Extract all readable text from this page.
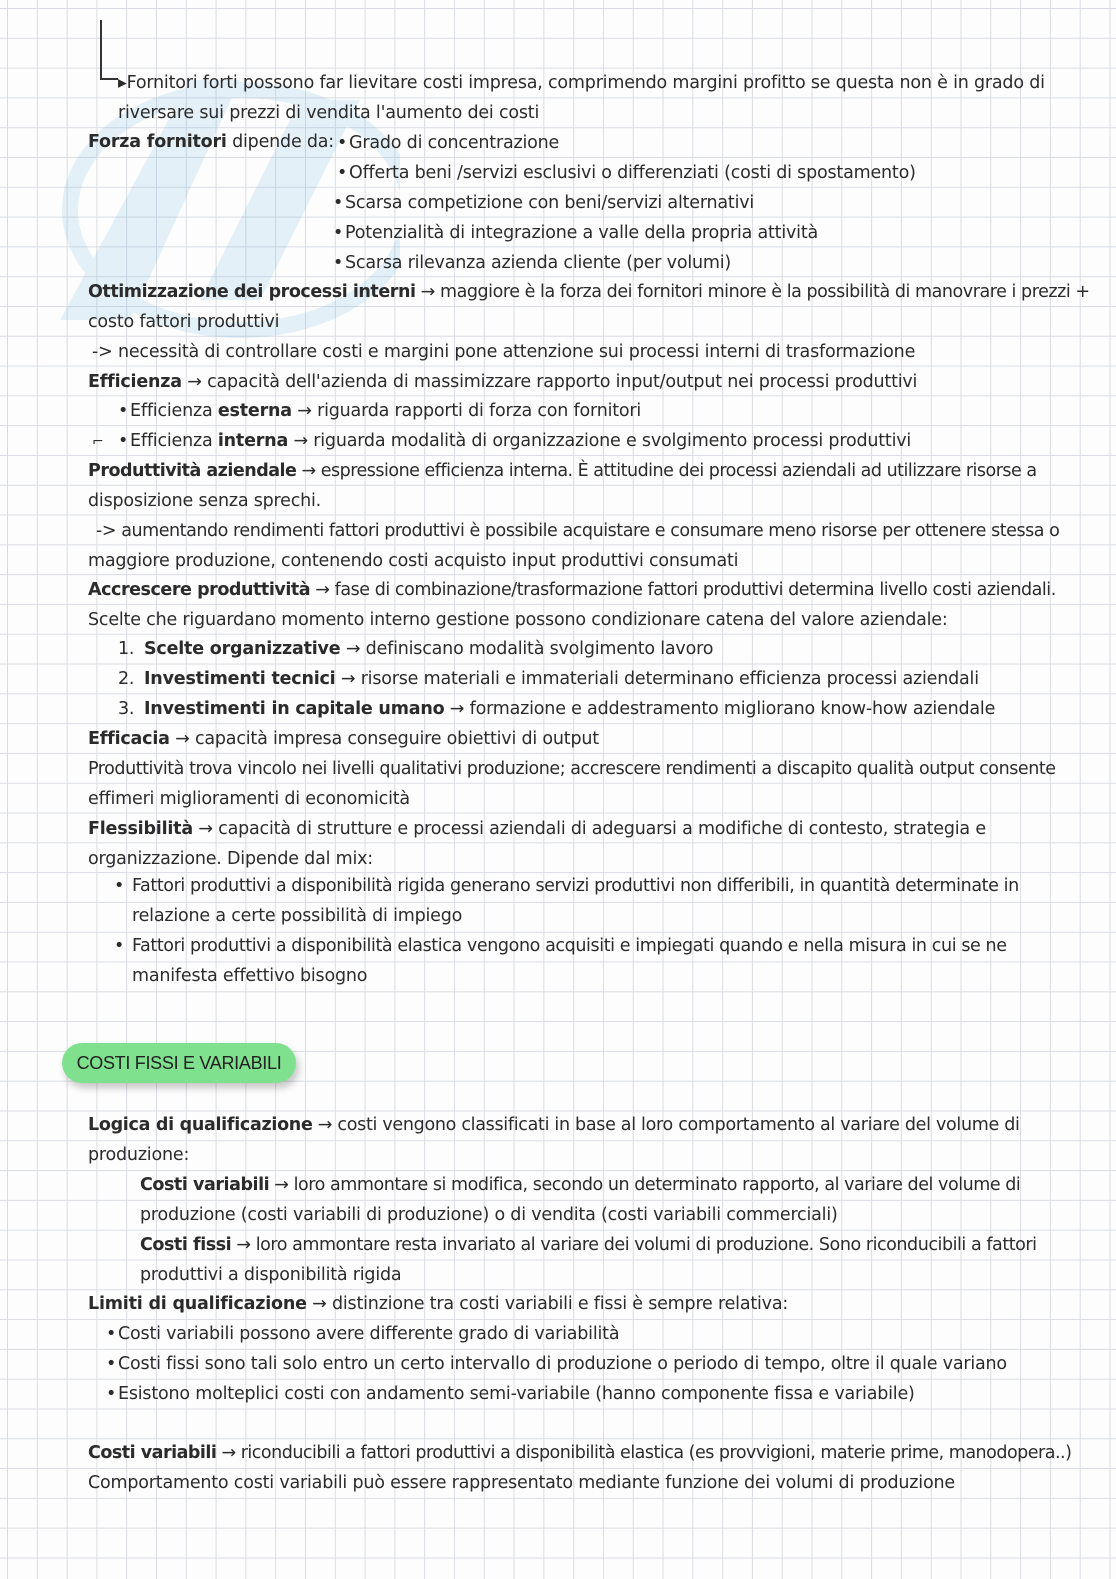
▸Fornitori forti possono far lievitare costi impresa, comprimendo margini profitto se questa non è in grado di
riversare sui prezzi di vendita l'aumento dei costi
Forza fornitori dipende da: • Grado di concentrazione
• Offerta beni /servizi esclusivi o differenziati (costi di spostamento)
• Scarsa competizione con beni/servizi alternativi
• Potenzialità di integrazione a valle della propria attività
• Scarsa rilevanza azienda cliente (per volumi)
Ottimizzazione dei processi interni → maggiore è la forza dei fornitori minore è la possibilità di manovrare i prezzi +
costo fattori produttivi
-> necessità di controllare costi e margini pone attenzione sui processi interni di trasformazione
Efficienza → capacità dell'azienda di massimizzare rapporto input/output nei processi produttivi
• Efficienza esterna → riguarda rapporti di forza con fornitori
⌐ • Efficienza interna → riguarda modalità di organizzazione e svolgimento processi produttivi
Produttività aziendale → espressione efficienza interna. È attitudine dei processi aziendali ad utilizzare risorse a
disposizione senza sprechi.
-> aumentando rendimenti fattori produttivi è possibile acquistare e consumare meno risorse per ottenere stessa o
maggiore produzione, contenendo costi acquisto input produttivi consumati
Accrescere produttività → fase di combinazione/trasformazione fattori produttivi determina livello costi aziendali.
Scelte che riguardano momento interno gestione possono condizionare catena del valore aziendale:
1. Scelte organizzative → definiscano modalità svolgimento lavoro
2. Investimenti tecnici → risorse materiali e immateriali determinano efficienza processi aziendali
3. Investimenti in capitale umano → formazione e addestramento migliorano know-how aziendale
Efficacia → capacità impresa conseguire obiettivi di output
Produttività trova vincolo nei livelli qualitativi produzione; accrescere rendimenti a discapito qualità output consente
effimeri miglioramenti di economicità
Flessibilità → capacità di strutture e processi aziendali di adeguarsi a modifiche di contesto, strategia e
organizzazione. Dipende dal mix:
• Fattori produttivi a disponibilità rigida generano servizi produttivi non differibili, in quantità determinate in
relazione a certe possibilità di impiego
• Fattori produttivi a disponibilità elastica vengono acquisiti e impiegati quando e nella misura in cui se ne
manifesta effettivo bisogno
COSTI FISSI E VARIABILI
Logica di qualificazione → costi vengono classificati in base al loro comportamento al variare del volume di
produzione:
Costi variabili → loro ammontare si modifica, secondo un determinato rapporto, al variare del volume di
produzione (costi variabili di produzione) o di vendita (costi variabili commerciali)
Costi fissi → loro ammontare resta invariato al variare dei volumi di produzione. Sono riconducibili a fattori
produttivi a disponibilità rigida
Limiti di qualificazione → distinzione tra costi variabili e fissi è sempre relativa:
• Costi variabili possono avere differente grado di variabilità
• Costi fissi sono tali solo entro un certo intervallo di produzione o periodo di tempo, oltre il quale variano
• Esistono molteplici costi con andamento semi-variabile (hanno componente fissa e variabile)
Costi variabili → riconducibili a fattori produttivi a disponibilità elastica (es provvigioni, materie prime, manodopera..)
Comportamento costi variabili può essere rappresentato mediante funzione dei volumi di produzione
